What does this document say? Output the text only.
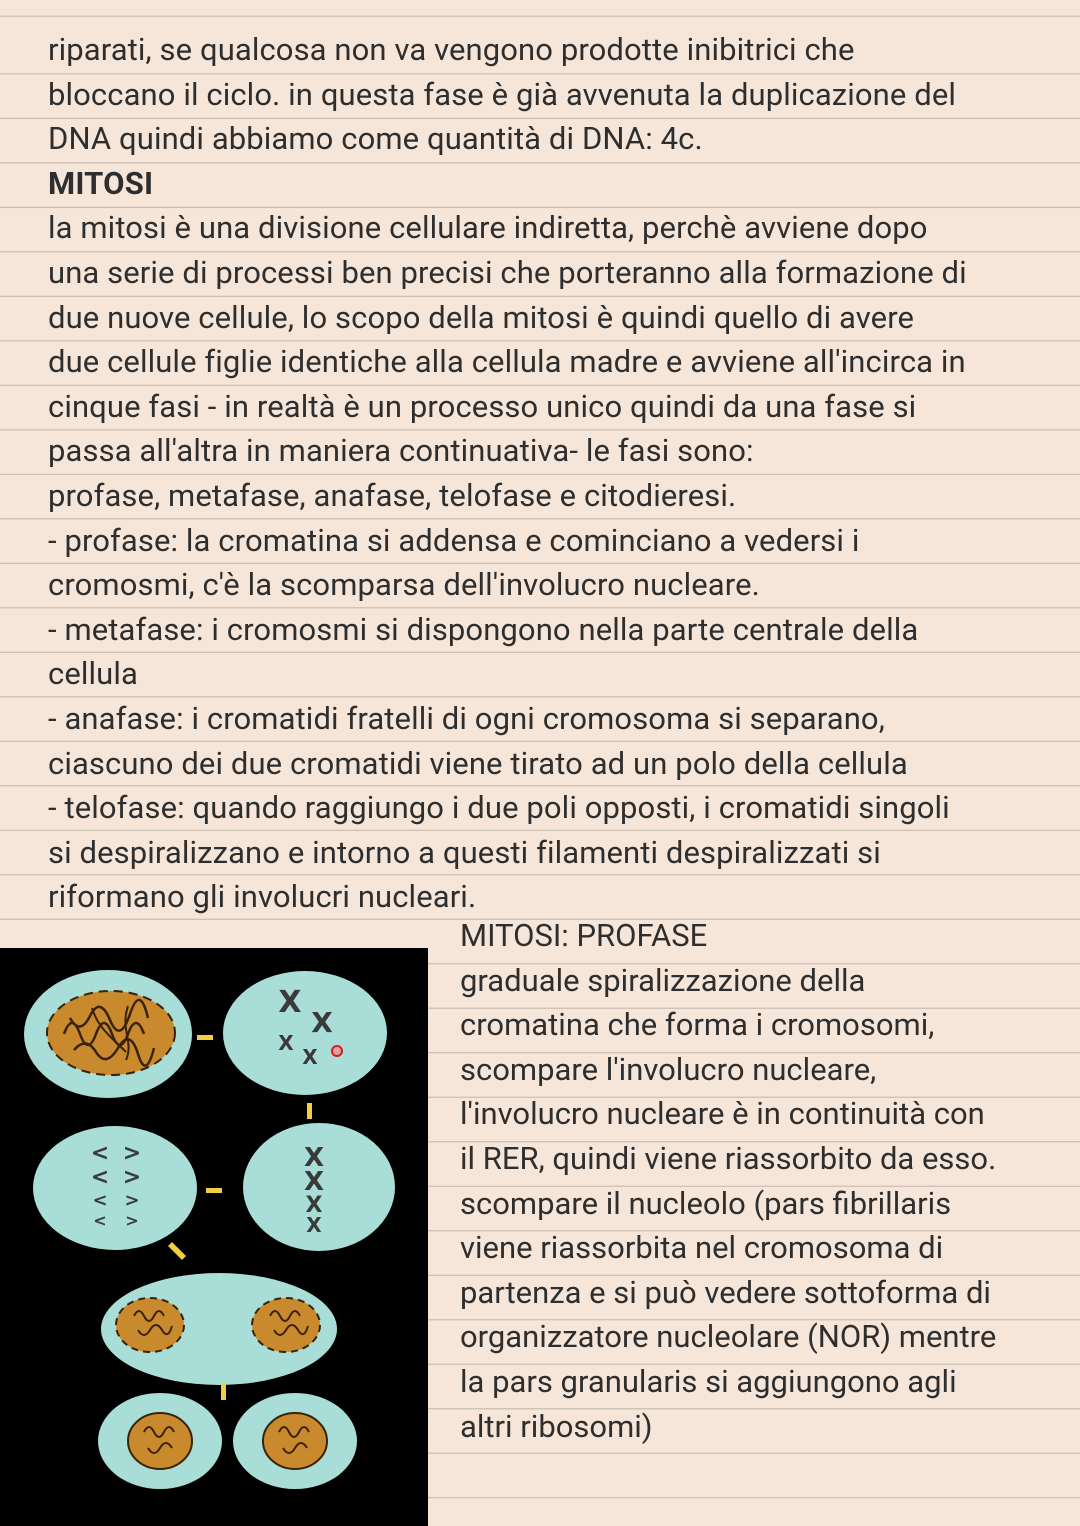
riparati, se qualcosa non va vengono prodotte inibitrici che
bloccano il ciclo. in questa fase è già avvenuta la duplicazione del
DNA quindi abbiamo come quantità di DNA: 4c.
MITOSI
la mitosi è una divisione cellulare indiretta, perchè avviene dopo
una serie di processi ben precisi che porteranno alla formazione di
due nuove cellule, lo scopo della mitosi è quindi quello di avere
due cellule figlie identiche alla cellula madre e avviene all'incirca in
cinque fasi - in realtà è un processo unico quindi da una fase si
passa all'altra in maniera continuativa- le fasi sono:
profase, metafase, anafase, telofase e citodieresi.
- profase: la cromatina si addensa e cominciano a vedersi i
cromosmi, c'è la scomparsa dell'involucro nucleare.
- metafase: i cromosmi si dispongono nella parte centrale della
cellula
- anafase: i cromatidi fratelli di ogni cromosoma si separano,
ciascuno dei due cromatidi viene tirato ad un polo della cellula
- telofase: quando raggiungo i due poli opposti, i cromatidi singoli
si despiralizzano e intorno a questi filamenti despiralizzati si
riformano gli involucri nucleari.
X
X
X
X
X
X
X
X
<
<
<
<
>
>
>
>
MITOSI: PROFASE
graduale spiralizzazione della
cromatina che forma i cromosomi,
scompare l'involucro nucleare,
l'involucro nucleare è in continuità con
il RER, quindi viene riassorbito da esso.
scompare il nucleolo (pars fibrillaris
viene riassorbita nel cromosoma di
partenza e si può vedere sottoforma di
organizzatore nucleolare (NOR) mentre
la pars granularis si aggiungono agli
altri ribosomi)
